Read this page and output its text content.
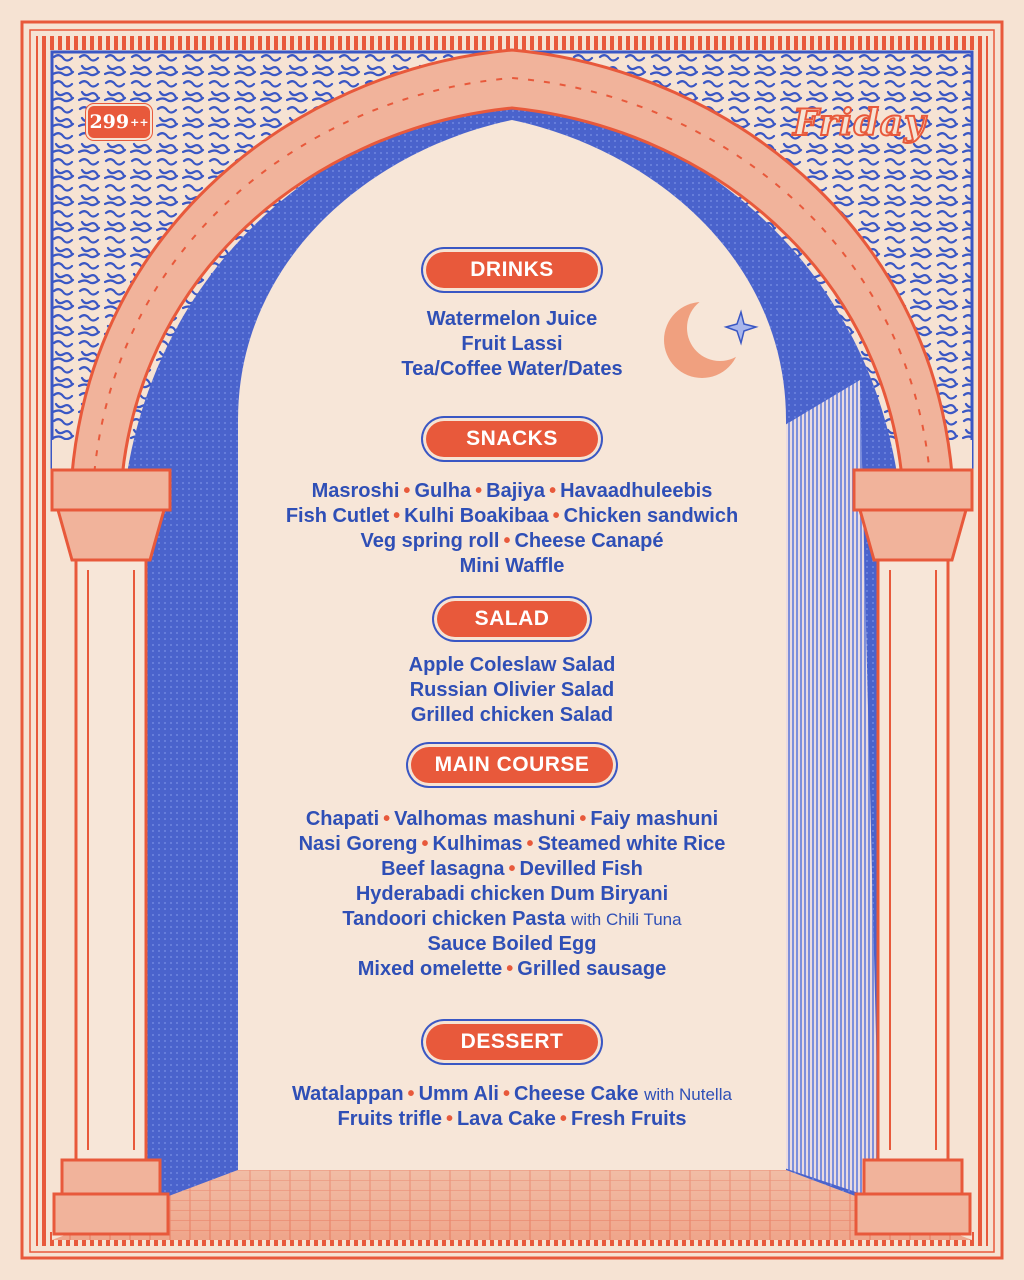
299++	Friday
DRINKS
Watermelon Juice
Fruit Lassi
Tea/Coffee Water/Dates
SNACKS
Masroshi • Gulha • Bajiya • Havaadhuleebis
Fish Cutlet • Kulhi Boakibaa • Chicken sandwich
Veg spring roll • Cheese Canapé
Mini Waffle
SALAD
Apple Coleslaw Salad
Russian Olivier Salad
Grilled chicken Salad
MAIN COURSE
Chapati • Valhomas mashuni • Faiy mashuni
Nasi Goreng • Kulhimas • Steamed white Rice
Beef lasagna • Devilled Fish
Hyderabadi chicken Dum Biryani
Tandoori chicken Pasta with Chili Tuna
Sauce Boiled Egg
Mixed omelette • Grilled sausage
DESSERT
Watalappan • Umm Ali • Cheese Cake with Nutella
Fruits trifle • Lava Cake • Fresh Fruits
